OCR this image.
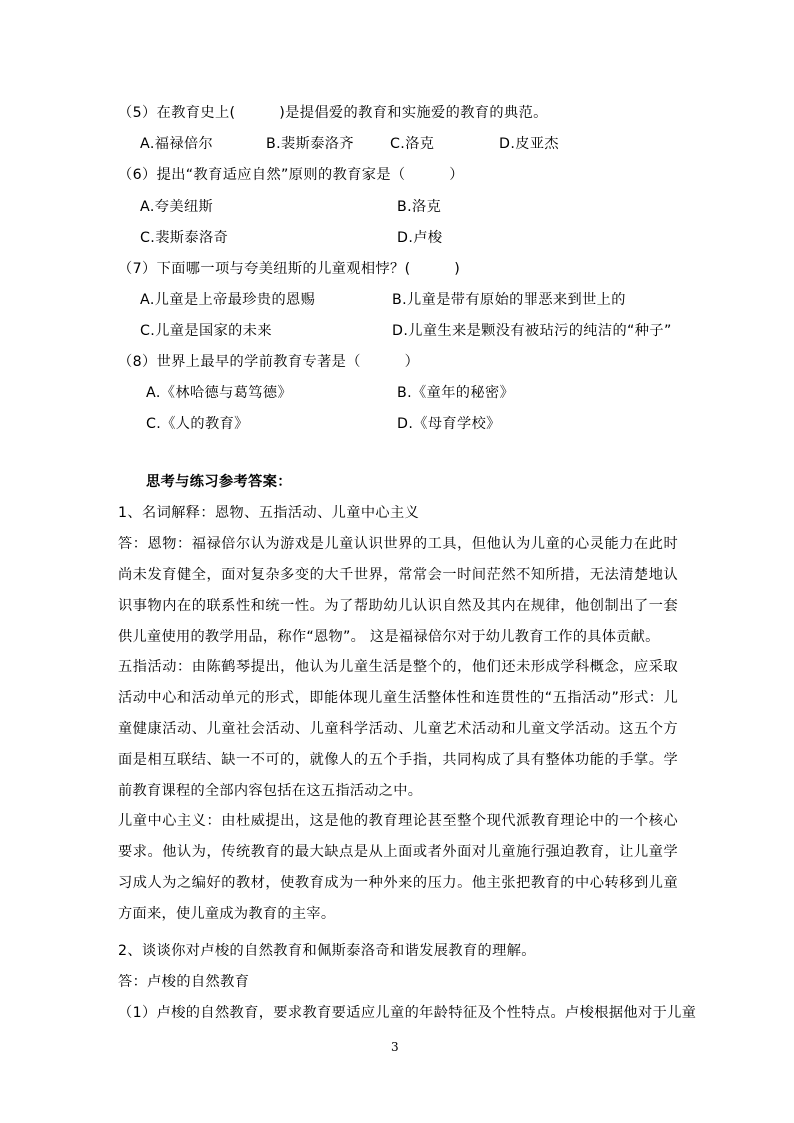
（5）在教育史上(　　　)是提倡爱的教育和实施爱的教育的典范。
A.福禄倍尔	B.裴斯泰洛齐	C.洛克	D.皮亚杰
（6）提出“教育适应自然”原则的教育家是（　　　）
A.夸美纽斯	B.洛克
C.裴斯泰洛奇	D.卢梭
（7）下面哪一项与夸美纽斯的儿童观相悖？(　　　)
A.儿童是上帝最珍贵的恩赐	B.儿童是带有原始的罪恶来到世上的
C.儿童是国家的未来	D.儿童生来是颗没有被玷污的纯洁的“种子”
（8）世界上最早的学前教育专著是（　　　）
A.《林哈德与葛笃德》	B.《童年的秘密》
C.《人的教育》	D.《母育学校》
思考与练习参考答案：
1、名词解释：恩物、五指活动、儿童中心主义

答：恩物：福禄倍尔认为游戏是儿童认识世界的工具，但他认为儿童的心灵能力在此时尚未发育健全，面对复杂多变的大千世界，常常会一时间茫然不知所措，无法清楚地认识事物内在的联系性和统一性。为了帮助幼儿认识自然及其内在规律，他创制出了一套供儿童使用的教学用品，称作“恩物”。 这是福禄倍尔对于幼儿教育工作的具体贡献。

五指活动：由陈鹤琴提出，他认为儿童生活是整个的，他们还未形成学科概念，应采取活动中心和活动单元的形式，即能体现儿童生活整体性和连贯性的“五指活动”形式：儿童健康活动、儿童社会活动、儿童科学活动、儿童艺术活动和儿童文学活动。这五个方面是相互联结、缺一不可的，就像人的五个手指，共同构成了具有整体功能的手掌。学前教育课程的全部内容包括在这五指活动之中。

儿童中心主义：由杜威提出，这是他的教育理论甚至整个现代派教育理论中的一个核心要求。他认为，传统教育的最大缺点是从上面或者外面对儿童施行强迫教育，让儿童学习成人为之编好的教材，使教育成为一种外来的压力。他主张把教育的中心转移到儿童方面来，使儿童成为教育的主宰。

2、谈谈你对卢梭的自然教育和佩斯泰洛奇和谐发展教育的理解。
答：卢梭的自然教育
（1）卢梭的自然教育，要求教育要适应儿童的年龄特征及个性特点。卢梭根据他对于儿童
3
